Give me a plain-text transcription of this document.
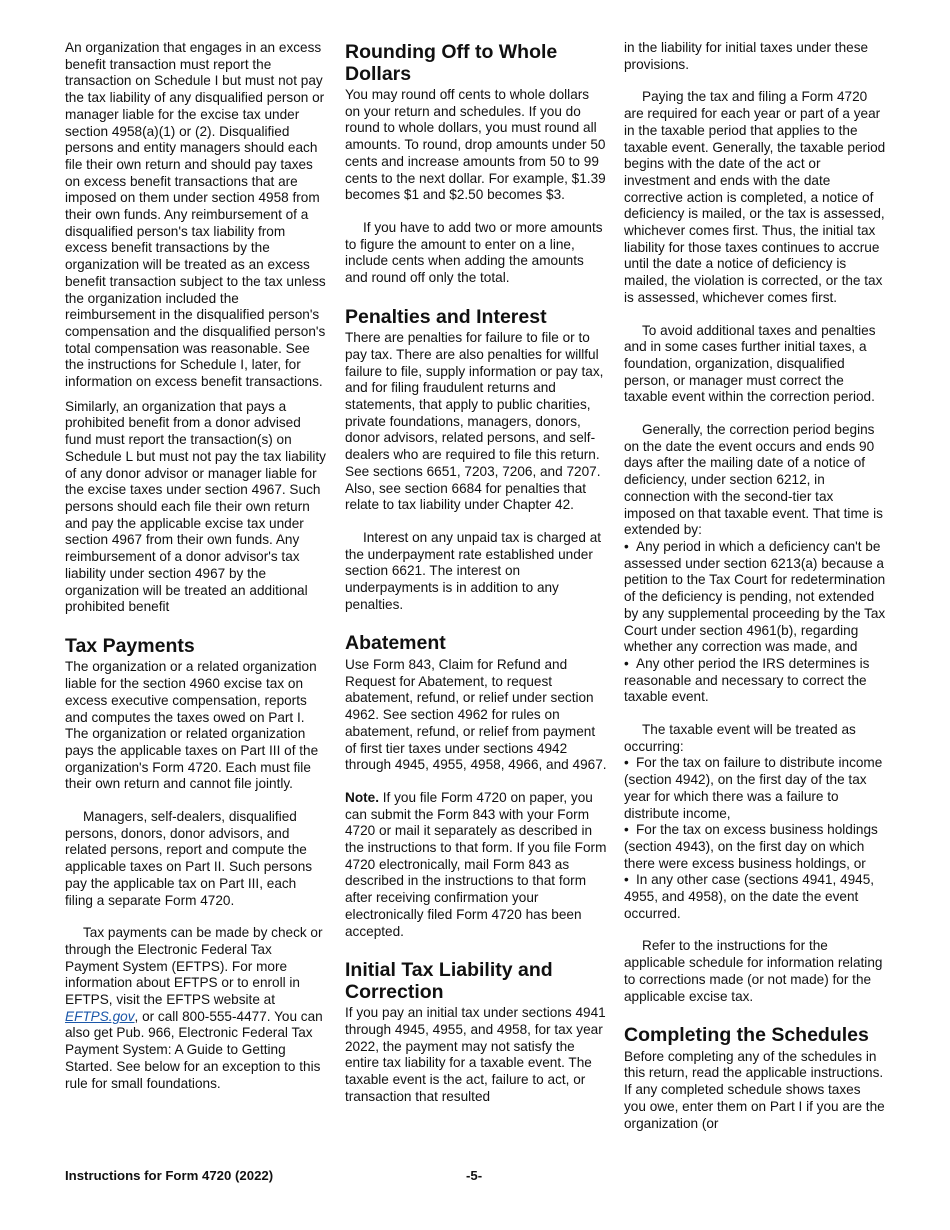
An organization that engages in an excess benefit transaction must report the transaction on Schedule I but must not pay the tax liability of any disqualified person or manager liable for the excise tax under section 4958(a)(1) or (2). Disqualified persons and entity managers should each file their own return and should pay taxes on excess benefit transactions that are imposed on them under section 4958 from their own funds. Any reimbursement of a disqualified person's tax liability from excess benefit transactions by the organization will be treated as an excess benefit transaction subject to the tax unless the organization included the reimbursement in the disqualified person's compensation and the disqualified person's total compensation was reasonable. See the instructions for Schedule I, later, for information on excess benefit transactions.

Similarly, an organization that pays a prohibited benefit from a donor advised fund must report the transaction(s) on Schedule L but must not pay the tax liability of any donor advisor or manager liable for the excise taxes under section 4967. Such persons should each file their own return and pay the applicable excise tax under section 4967 from their own funds. Any reimbursement of a donor advisor's tax liability under section 4967 by the organization will be treated an additional prohibited benefit

Tax Payments

The organization or a related organization liable for the section 4960 excise tax on excess executive compensation, reports and computes the taxes owed on Part I. The organization or related organization pays the applicable taxes on Part III of the organization's Form 4720. Each must file their own return and cannot file jointly.

Managers, self-dealers, disqualified persons, donors, donor advisors, and related persons, report and compute the applicable taxes on Part II. Such persons pay the applicable tax on Part III, each filing a separate Form 4720.

Tax payments can be made by check or through the Electronic Federal Tax Payment System (EFTPS). For more information about EFTPS or to enroll in EFTPS, visit the EFTPS website at EFTPS.gov, or call 800-555-4477. You can also get Pub. 966, Electronic Federal Tax Payment System: A Guide to Getting Started. See below for an exception to this rule for small foundations.

Rounding Off to Whole Dollars

You may round off cents to whole dollars on your return and schedules. If you do round to whole dollars, you must round all amounts. To round, drop amounts under 50 cents and increase amounts from 50 to 99 cents to the next dollar. For example, $1.39 becomes $1 and $2.50 becomes $3.

If you have to add two or more amounts to figure the amount to enter on a line, include cents when adding the amounts and round off only the total.

Penalties and Interest

There are penalties for failure to file or to pay tax. There are also penalties for willful failure to file, supply information or pay tax, and for filing fraudulent returns and statements, that apply to public charities, private foundations, managers, donors, donor advisors, related persons, and self-dealers who are required to file this return. See sections 6651, 7203, 7206, and 7207. Also, see section 6684 for penalties that relate to tax liability under Chapter 42.

Interest on any unpaid tax is charged at the underpayment rate established under section 6621. The interest on underpayments is in addition to any penalties.

Abatement

Use Form 843, Claim for Refund and Request for Abatement, to request abatement, refund, or relief under section 4962. See section 4962 for rules on abatement, refund, or relief from payment of first tier taxes under sections 4942 through 4945, 4955, 4958, 4966, and 4967.

Note. If you file Form 4720 on paper, you can submit the Form 843 with your Form 4720 or mail it separately as described in the instructions to that form. If you file Form 4720 electronically, mail Form 843 as described in the instructions to that form after receiving confirmation your electronically filed Form 4720 has been accepted.

Initial Tax Liability and Correction

If you pay an initial tax under sections 4941 through 4945, 4955, and 4958, for tax year 2022, the payment may not satisfy the entire tax liability for a taxable event. The taxable event is the act, failure to act, or transaction that resulted

in the liability for initial taxes under these provisions.

Paying the tax and filing a Form 4720 are required for each year or part of a year in the taxable period that applies to the taxable event. Generally, the taxable period begins with the date of the act or investment and ends with the date corrective action is completed, a notice of deficiency is mailed, or the tax is assessed, whichever comes first. Thus, the initial tax liability for those taxes continues to accrue until the date a notice of deficiency is mailed, the violation is corrected, or the tax is assessed, whichever comes first.

To avoid additional taxes and penalties and in some cases further initial taxes, a foundation, organization, disqualified person, or manager must correct the taxable event within the correction period.

Generally, the correction period begins on the date the event occurs and ends 90 days after the mailing date of a notice of deficiency, under section 6212, in connection with the second-tier tax imposed on that taxable event. That time is extended by:

• Any period in which a deficiency can't be assessed under section 6213(a) because a petition to the Tax Court for redetermination of the deficiency is pending, not extended by any supplemental proceeding by the Tax Court under section 4961(b), regarding whether any correction was made, and
• Any other period the IRS determines is reasonable and necessary to correct the taxable event.

The taxable event will be treated as occurring:

• For the tax on failure to distribute income (section 4942), on the first day of the tax year for which there was a failure to distribute income,
• For the tax on excess business holdings (section 4943), on the first day on which there were excess business holdings, or
• In any other case (sections 4941, 4945, 4955, and 4958), on the date the event occurred.

Refer to the instructions for the applicable schedule for information relating to corrections made (or not made) for the applicable excise tax.

Completing the Schedules

Before completing any of the schedules in this return, read the applicable instructions. If any completed schedule shows taxes you owe, enter them on Part I if you are the organization (or

Instructions for Form 4720 (2022)	-5-
